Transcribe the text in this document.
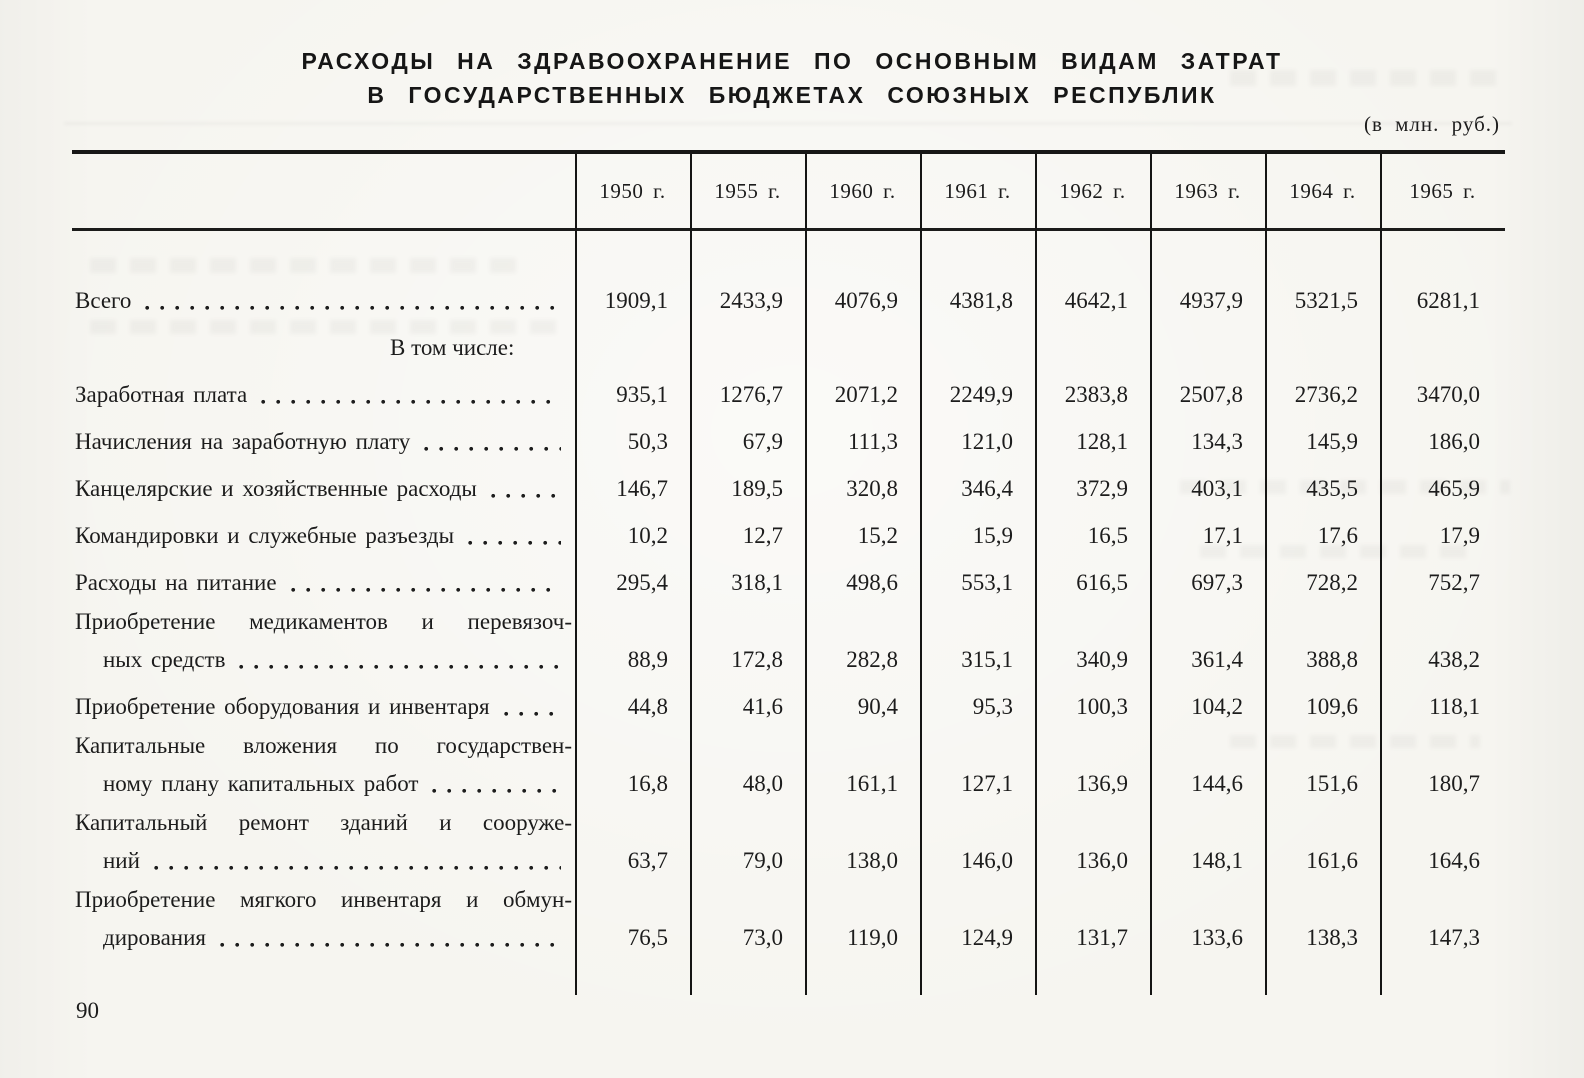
РАСХОДЫ НА ЗДРАВООХРАНЕНИЕ ПО ОСНОВНЫМ ВИДАМ ЗАТРАТ
В ГОСУДАРСТВЕННЫХ БЮДЖЕТАХ СОЮЗНЫХ РЕСПУБЛИК
(в млн. руб.)
1950 г.	1955 г.	1960 г.	1961 г.	1962 г.	1963 г.	1964 г.	1965 г.
Всего	1909,1	2433,9	4076,9	4381,8	4642,1	4937,9	5321,5	6281,1
В том числе:
Заработная плата	935,1	1276,7	2071,2	2249,9	2383,8	2507,8	2736,2	3470,0
Начисления на заработную плату	50,3	67,9	111,3	121,0	128,1	134,3	145,9	186,0
Канцелярские и хозяйственные расходы	146,7	189,5	320,8	346,4	372,9	403,1	435,5	465,9
Командировки и служебные разъезды	10,2	12,7	15,2	15,9	16,5	17,1	17,6	17,9
Расходы на питание	295,4	318,1	498,6	553,1	616,5	697,3	728,2	752,7
Приобретение медикаментов и перевязоч-
ных средств	88,9	172,8	282,8	315,1	340,9	361,4	388,8	438,2
Приобретение оборудования и инвентаря	44,8	41,6	90,4	95,3	100,3	104,2	109,6	118,1
Капитальные вложения по государствен-
ному плану капитальных работ	16,8	48,0	161,1	127,1	136,9	144,6	151,6	180,7
Капитальный ремонт зданий и сооруже-
ний	63,7	79,0	138,0	146,0	136,0	148,1	161,6	164,6
Приобретение мягкого инвентаря и обмун-
дирования	76,5	73,0	119,0	124,9	131,7	133,6	138,3	147,3
90
